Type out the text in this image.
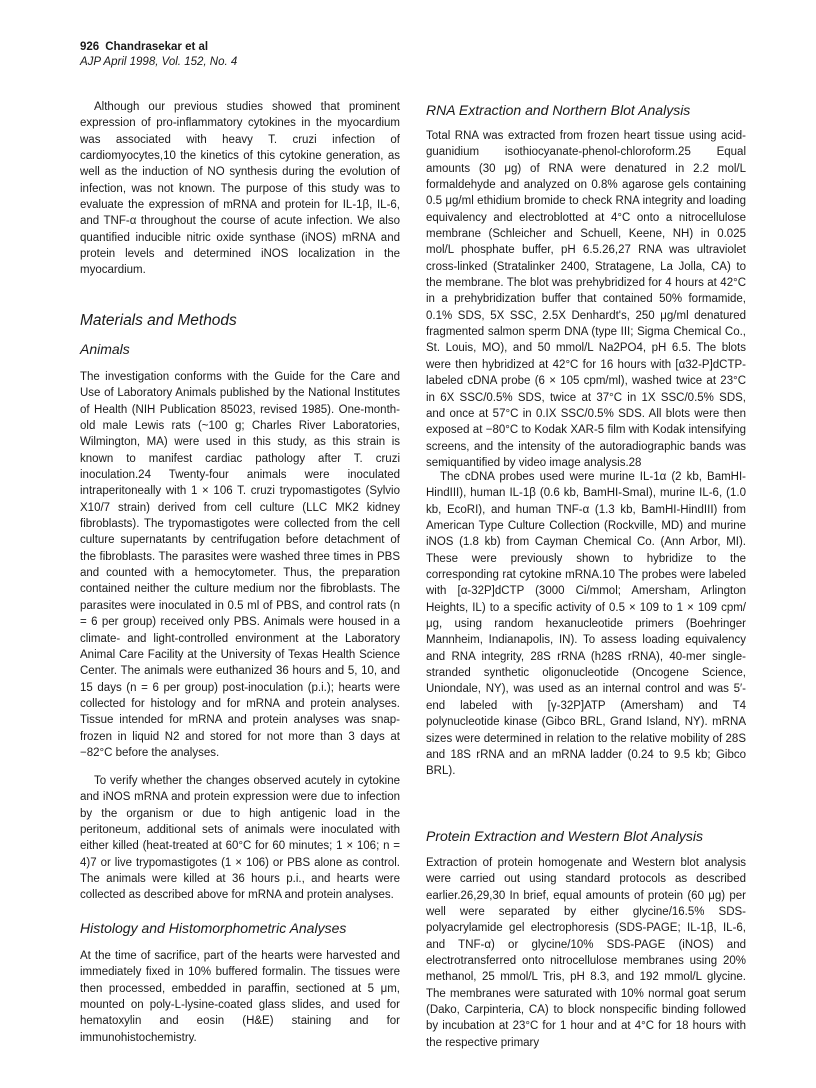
926 Chandrasekar et al
AJP April 1998, Vol. 152, No. 4

Although our previous studies showed that prominent expression of pro-inflammatory cytokines in the myocardium was associated with heavy T. cruzi infection of cardiomyocytes,10 the kinetics of this cytokine generation, as well as the induction of NO synthesis during the evolution of infection, was not known. The purpose of this study was to evaluate the expression of mRNA and protein for IL-1β, IL-6, and TNF-α throughout the course of acute infection. We also quantified inducible nitric oxide synthase (iNOS) mRNA and protein levels and determined iNOS localization in the myocardium.

Materials and Methods
Animals

The investigation conforms with the Guide for the Care and Use of Laboratory Animals published by the National Institutes of Health (NIH Publication 85023, revised 1985). One-month-old male Lewis rats (~100 g; Charles River Laboratories, Wilmington, MA) were used in this study, as this strain is known to manifest cardiac pathology after T. cruzi inoculation.24 Twenty-four animals were inoculated intraperitoneally with 1 × 106 T. cruzi trypomastigotes (Sylvio X10/7 strain) derived from cell culture (LLC MK2 kidney fibroblasts). The trypomastigotes were collected from the cell culture supernatants by centrifugation before detachment of the fibroblasts. The parasites were washed three times in PBS and counted with a hemocytometer. Thus, the preparation contained neither the culture medium nor the fibroblasts. The parasites were inoculated in 0.5 ml of PBS, and control rats (n = 6 per group) received only PBS. Animals were housed in a climate- and light-controlled environment at the Laboratory Animal Care Facility at the University of Texas Health Science Center. The animals were euthanized 36 hours and 5, 10, and 15 days (n = 6 per group) post-inoculation (p.i.); hearts were collected for histology and for mRNA and protein analyses. Tissue intended for mRNA and protein analyses was snap-frozen in liquid N2 and stored for not more than 3 days at −82°C before the analyses.

To verify whether the changes observed acutely in cytokine and iNOS mRNA and protein expression were due to infection by the organism or due to high antigenic load in the peritoneum, additional sets of animals were inoculated with either killed (heat-treated at 60°C for 60 minutes; 1 × 106; n = 4)7 or live trypomastigotes (1 × 106) or PBS alone as control. The animals were killed at 36 hours p.i., and hearts were collected as described above for mRNA and protein analyses.

Histology and Histomorphometric Analyses

At the time of sacrifice, part of the hearts were harvested and immediately fixed in 10% buffered formalin. The tissues were then processed, embedded in paraffin, sectioned at 5 μm, mounted on poly-L-lysine-coated glass slides, and used for hematoxylin and eosin (H&E) staining and for immunohistochemistry.

RNA Extraction and Northern Blot Analysis

Total RNA was extracted from frozen heart tissue using acid-guanidium isothiocyanate-phenol-chloroform.25 Equal amounts (30 μg) of RNA were denatured in 2.2 mol/L formaldehyde and analyzed on 0.8% agarose gels containing 0.5 μg/ml ethidium bromide to check RNA integrity and loading equivalency and electroblotted at 4°C onto a nitrocellulose membrane (Schleicher and Schuell, Keene, NH) in 0.025 mol/L phosphate buffer, pH 6.5.26,27 RNA was ultraviolet cross-linked (Stratalinker 2400, Stratagene, La Jolla, CA) to the membrane. The blot was prehybridized for 4 hours at 42°C in a prehybridization buffer that contained 50% formamide, 0.1% SDS, 5X SSC, 2.5X Denhardt's, 250 μg/ml denatured fragmented salmon sperm DNA (type III; Sigma Chemical Co., St. Louis, MO), and 50 mmol/L Na2PO4, pH 6.5. The blots were then hybridized at 42°C for 16 hours with [α32-P]dCTP-labeled cDNA probe (6 × 105 cpm/ml), washed twice at 23°C in 6X SSC/0.5% SDS, twice at 37°C in 1X SSC/0.5% SDS, and once at 57°C in 0.IX SSC/0.5% SDS. All blots were then exposed at −80°C to Kodak XAR-5 film with Kodak intensifying screens, and the intensity of the autoradiographic bands was semiquantified by video image analysis.28

The cDNA probes used were murine IL-1α (2 kb, BamHI-HindIII), human IL-1β (0.6 kb, BamHI-SmaI), murine IL-6, (1.0 kb, EcoRI), and human TNF-α (1.3 kb, BamHI-HindIII) from American Type Culture Collection (Rockville, MD) and murine iNOS (1.8 kb) from Cayman Chemical Co. (Ann Arbor, MI). These were previously shown to hybridize to the corresponding rat cytokine mRNA.10 The probes were labeled with [α-32P]dCTP (3000 Ci/mmol; Amersham, Arlington Heights, IL) to a specific activity of 0.5 × 109 to 1 × 109 cpm/μg, using random hexanucleotide primers (Boehringer Mannheim, Indianapolis, IN). To assess loading equivalency and RNA integrity, 28S rRNA (h28S rRNA), 40-mer single-stranded synthetic oligonucleotide (Oncogene Science, Uniondale, NY), was used as an internal control and was 5′-end labeled with [γ-32P]ATP (Amersham) and T4 polynucleotide kinase (Gibco BRL, Grand Island, NY). mRNA sizes were determined in relation to the relative mobility of 28S and 18S rRNA and an mRNA ladder (0.24 to 9.5 kb; Gibco BRL).

Protein Extraction and Western Blot Analysis

Extraction of protein homogenate and Western blot analysis were carried out using standard protocols as described earlier.26,29,30 In brief, equal amounts of protein (60 μg) per well were separated by either glycine/16.5% SDS-polyacrylamide gel electrophoresis (SDS-PAGE; IL-1β, IL-6, and TNF-α) or glycine/10% SDS-PAGE (iNOS) and electrotransferred onto nitrocellulose membranes using 20% methanol, 25 mmol/L Tris, pH 8.3, and 192 mmol/L glycine. The membranes were saturated with 10% normal goat serum (Dako, Carpinteria, CA) to block nonspecific binding followed by incubation at 23°C for 1 hour and at 4°C for 18 hours with the respective primary
